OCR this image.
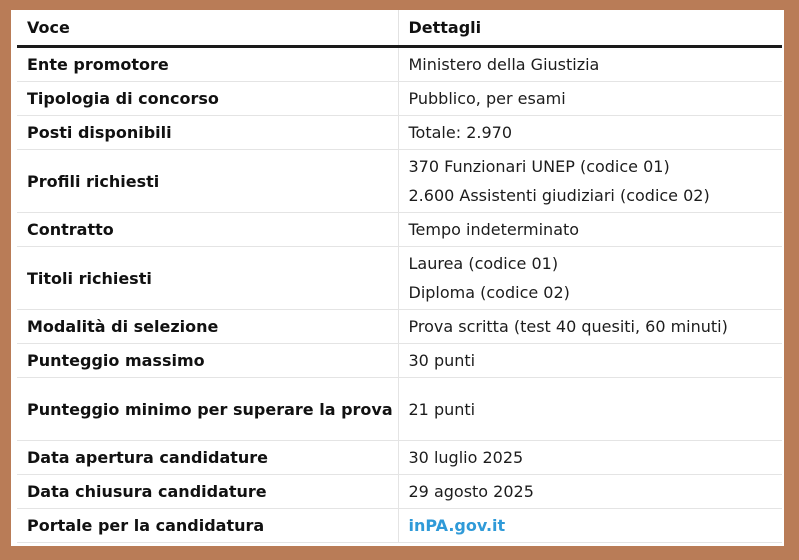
Voce	Dettagli
Ente promotore	Ministero della Giustizia
Tipologia di concorso	Pubblico, per esami
Posti disponibili	Totale: 2.970
Profili richiesti	370 Funzionari UNEP (codice 01)
2.600 Assistenti giudiziari (codice 02)

Contratto	Tempo indeterminato
Titoli richiesti	Laurea (codice 01)
Diploma (codice 02)

Modalità di selezione	Prova scritta (test 40 quesiti, 60 minuti)
Punteggio massimo	30 punti
Punteggio minimo per superare la prova	21 punti
Data apertura candidature	30 luglio 2025
Data chiusura candidature	29 agosto 2025
Portale per la candidatura	inPA.gov.it
